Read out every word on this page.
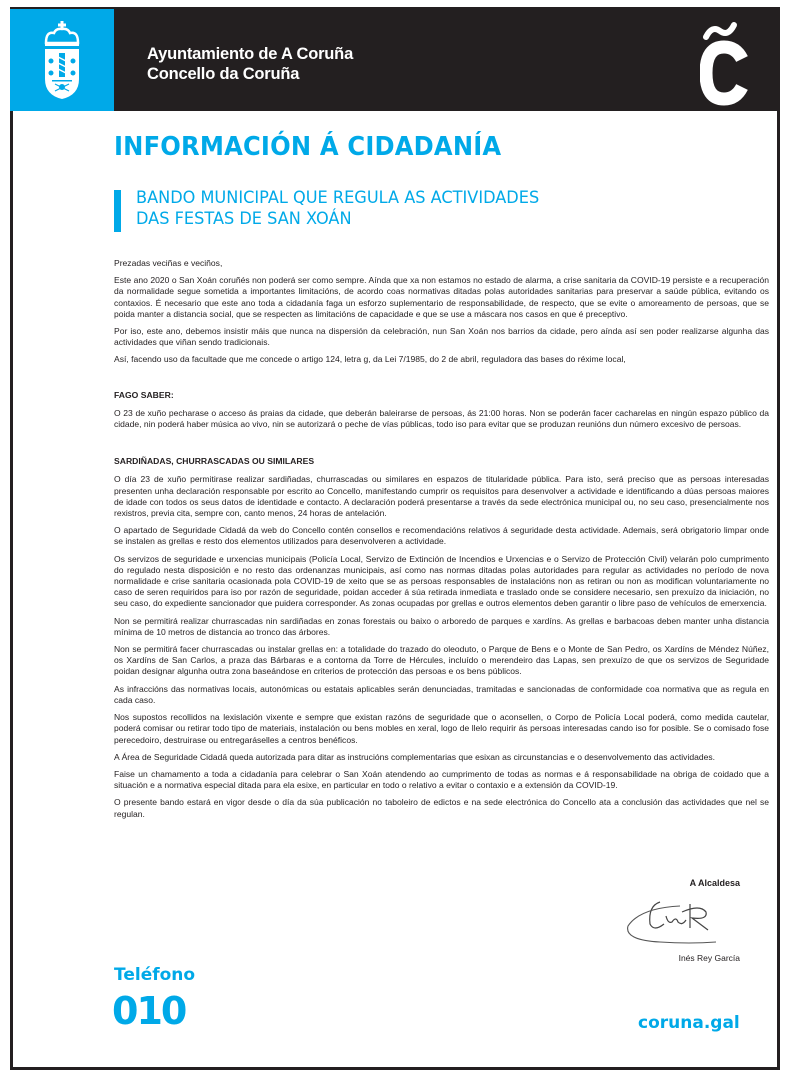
Ayuntamiento de A Coruña
Concello da Coruña
INFORMACIÓN Á CIDADANÍA
BANDO MUNICIPAL QUE REGULA AS ACTIVIDADES
DAS FESTAS DE SAN XOÁN

Prezadas veciñas e veciños,

Este ano 2020 o San Xoán coruñés non poderá ser como sempre. Aínda que xa non estamos no estado de alarma, a crise sanitaria da COVID-19 persiste e a recuperación da normalidade segue sometida a importantes limitacións, de acordo coas normativas ditadas polas autoridades sanitarias para preservar a saúde pública, evitando os contaxios. É necesario que este ano toda a cidadanía faga un esforzo suplementario de responsabilidade, de respecto, que se evite o amoreamento de persoas, que se poida manter a distancia social, que se respecten as limitacións de capacidade e que se use a máscara nos casos en que é preceptivo.

Por iso, este ano, debemos insistir máis que nunca na dispersión da celebración, nun San Xoán nos barrios da cidade, pero aínda así sen poder realizarse algunha das actividades que viñan sendo tradicionais.

Así, facendo uso da facultade que me concede o artigo 124, letra g, da Lei 7/1985, do 2 de abril, reguladora das bases do réxime local,

FAGO SABER:

O 23 de xuño pecharase o acceso ás praias da cidade, que deberán baleirarse de persoas, ás 21:00 horas. Non se poderán facer cacharelas en ningún espazo público da cidade, nin poderá haber música ao vivo, nin se autorizará o peche de vías públicas, todo iso para evitar que se produzan reunións dun número excesivo de persoas.

SARDIÑADAS, CHURRASCADAS OU SIMILARES

O día 23 de xuño permitirase realizar sardiñadas, churrascadas ou similares en espazos de titularidade pública. Para isto, será preciso que as persoas interesadas presenten unha declaración responsable por escrito ao Concello, manifestando cumprir os requisitos para desenvolver a actividade e identificando a dúas persoas maiores de idade con todos os seus datos de identidade e contacto. A declaración poderá presentarse a través da sede electrónica municipal ou, no seu caso, presencialmente nos rexistros, previa cita, sempre con, canto menos, 24 horas de antelación.

O apartado de Seguridade Cidadá da web do Concello contén consellos e recomendacións relativos á seguridade desta actividade. Ademais, será obrigatorio limpar onde se instalen as grellas e resto dos elementos utilizados para desenvolveren a actividade.

Os servizos de seguridade e urxencias municipais (Policía Local, Servizo de Extinción de Incendios e Urxencias e o Servizo de Protección Civil) velarán polo cumprimento do regulado nesta disposición e no resto das ordenanzas municipais, así como nas normas ditadas polas autoridades para regular as actividades no período de nova normalidade e crise sanitaria ocasionada pola COVID-19 de xeito que se as persoas responsables de instalacións non as retiran ou non as modifican voluntariamente no caso de seren requiridos para iso por razón de seguridade, poidan acceder á súa retirada inmediata e traslado onde se considere necesario, sen prexuízo da iniciación, no seu caso, do expediente sancionador que puidera corresponder. As zonas ocupadas por grellas e outros elementos deben garantir o libre paso de vehículos de emerxencia.

Non se permitirá realizar churrascadas nin sardiñadas en zonas forestais ou baixo o arboredo de parques e xardíns. As grellas e barbacoas deben manter unha distancia mínima de 10 metros de distancia ao tronco das árbores.

Non se permitirá facer churrascadas ou instalar grellas en: a totalidade do trazado do oleoduto, o Parque de Bens e o Monte de San Pedro, os Xardíns de Méndez Núñez, os Xardíns de San Carlos, a praza das Bárbaras e a contorna da Torre de Hércules, incluído o merendeiro das Lapas, sen prexuízo de que os servizos de Seguridade poidan designar algunha outra zona baseándose en criterios de protección das persoas e os bens públicos.

As infraccións das normativas locais, autonómicas ou estatais aplicables serán denunciadas, tramitadas e sancionadas de conformidade coa normativa que as regula en cada caso.

Nos supostos recollidos na lexislación vixente e sempre que existan razóns de seguridade que o aconsellen, o Corpo de Policía Local poderá, como medida cautelar, poderá comisar ou retirar todo tipo de materiais, instalación ou bens mobles en xeral, logo de llelo requirir ás persoas interesadas cando iso for posible. Se o comisado fose perecedoiro, destruirase ou entregaráselles a centros benéficos.

A Área de Seguridade Cidadá queda autorizada para ditar as instrucións complementarias que esixan as circunstancias e o desenvolvemento das actividades.

Faise un chamamento a toda a cidadanía para celebrar o San Xoán atendendo ao cumprimento de todas as normas e á responsabilidade na obriga de coidado que a situación e a normativa especial ditada para ela esixe, en particular en todo o relativo a evitar o contaxio e a extensión da COVID-19.

O presente bando estará en vigor desde o día da súa publicación no taboleiro de edictos e na sede electrónica do Concello ata a conclusión das actividades que nel se regulan.

A Alcaldesa
Inés Rey García
Teléfono
010	coruna.gal
